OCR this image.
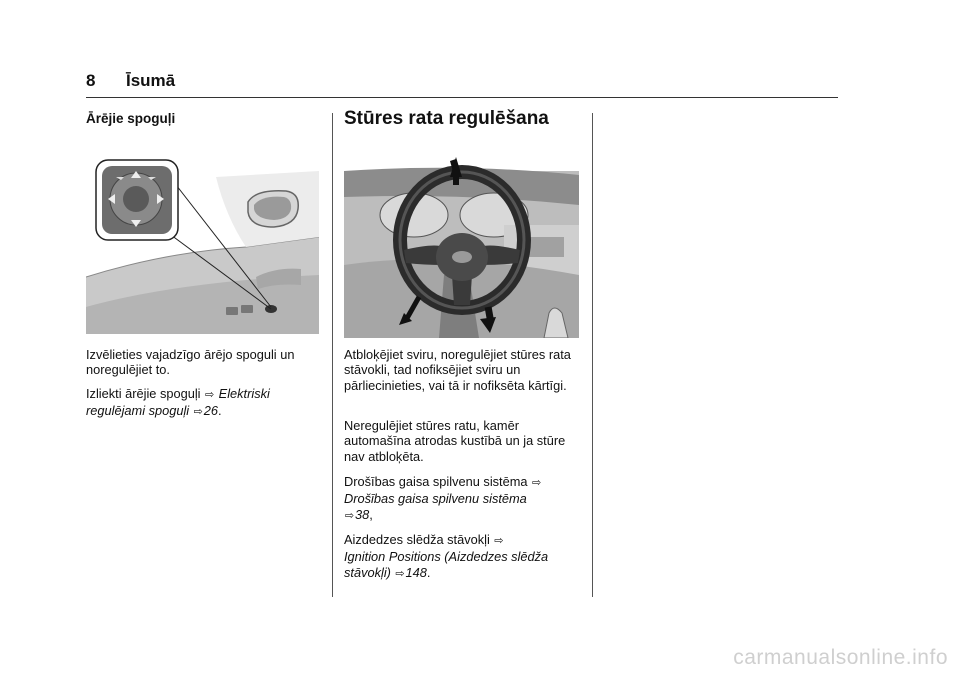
8 Īsumā
Ārējie spoguļi
Izvēlieties vajadzīgo ārējo spoguli un noregulējiet to.
Izliekti ārējie spoguļi ⇨ Elektriski
regulējami spoguļi ⇨26.
Stūres rata regulēšana
Atbloķējiet sviru, noregulējiet stūres rata stāvokli, tad nofiksējiet sviru un pārliecinieties, vai tā ir nofiksēta kārtīgi.
Neregulējiet stūres ratu, kamēr automašīna atrodas kustībā un ja stūre nav atbloķēta.
Drošības gaisa spilvenu sistēma ⇨
Drošības gaisa spilvenu sistēma
⇨38,
Aizdedzes slēdža stāvokļi ⇨
Ignition Positions (Aizdedzes slēdža stāvokļi) ⇨148.
carmanualsonline.info
